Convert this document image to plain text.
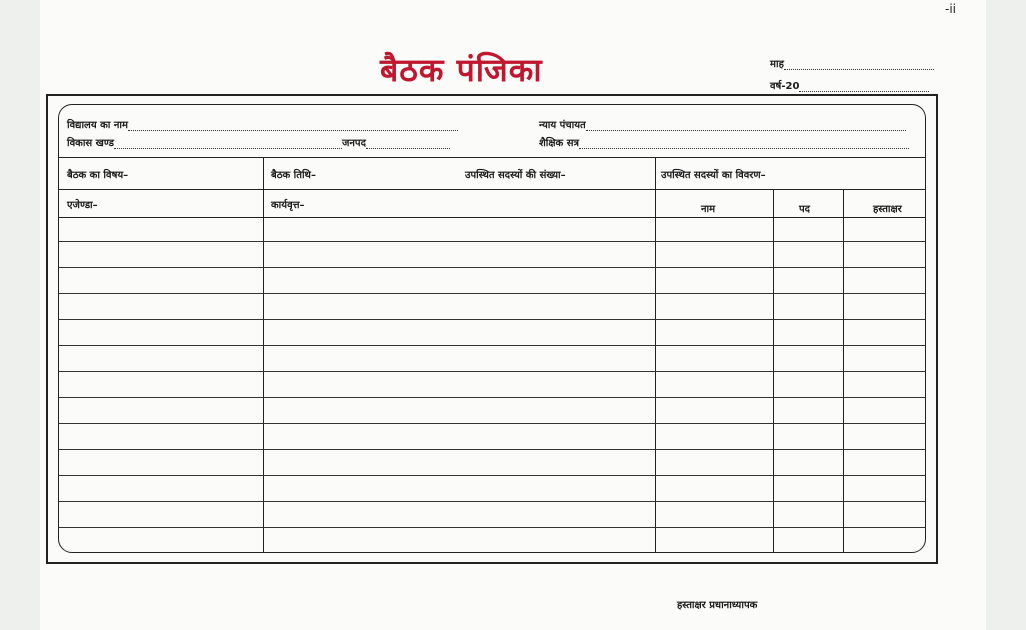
-ii
बैठक पंजिका	माह
वर्ष-20
विद्यालय का नाम	न्याय पंचायत
विकास खण्ड	जनपद	शैक्षिक सत्र
बैठक का विषय–	बैठक तिथि–	उपस्थित सदस्यों की संख्या–	उपस्थित सदस्यों का विवरण–
एजेण्डा–	कार्यवृत्त–	नाम	पद	हस्ताक्षर
हस्ताक्षर प्रधानाध्यापक
